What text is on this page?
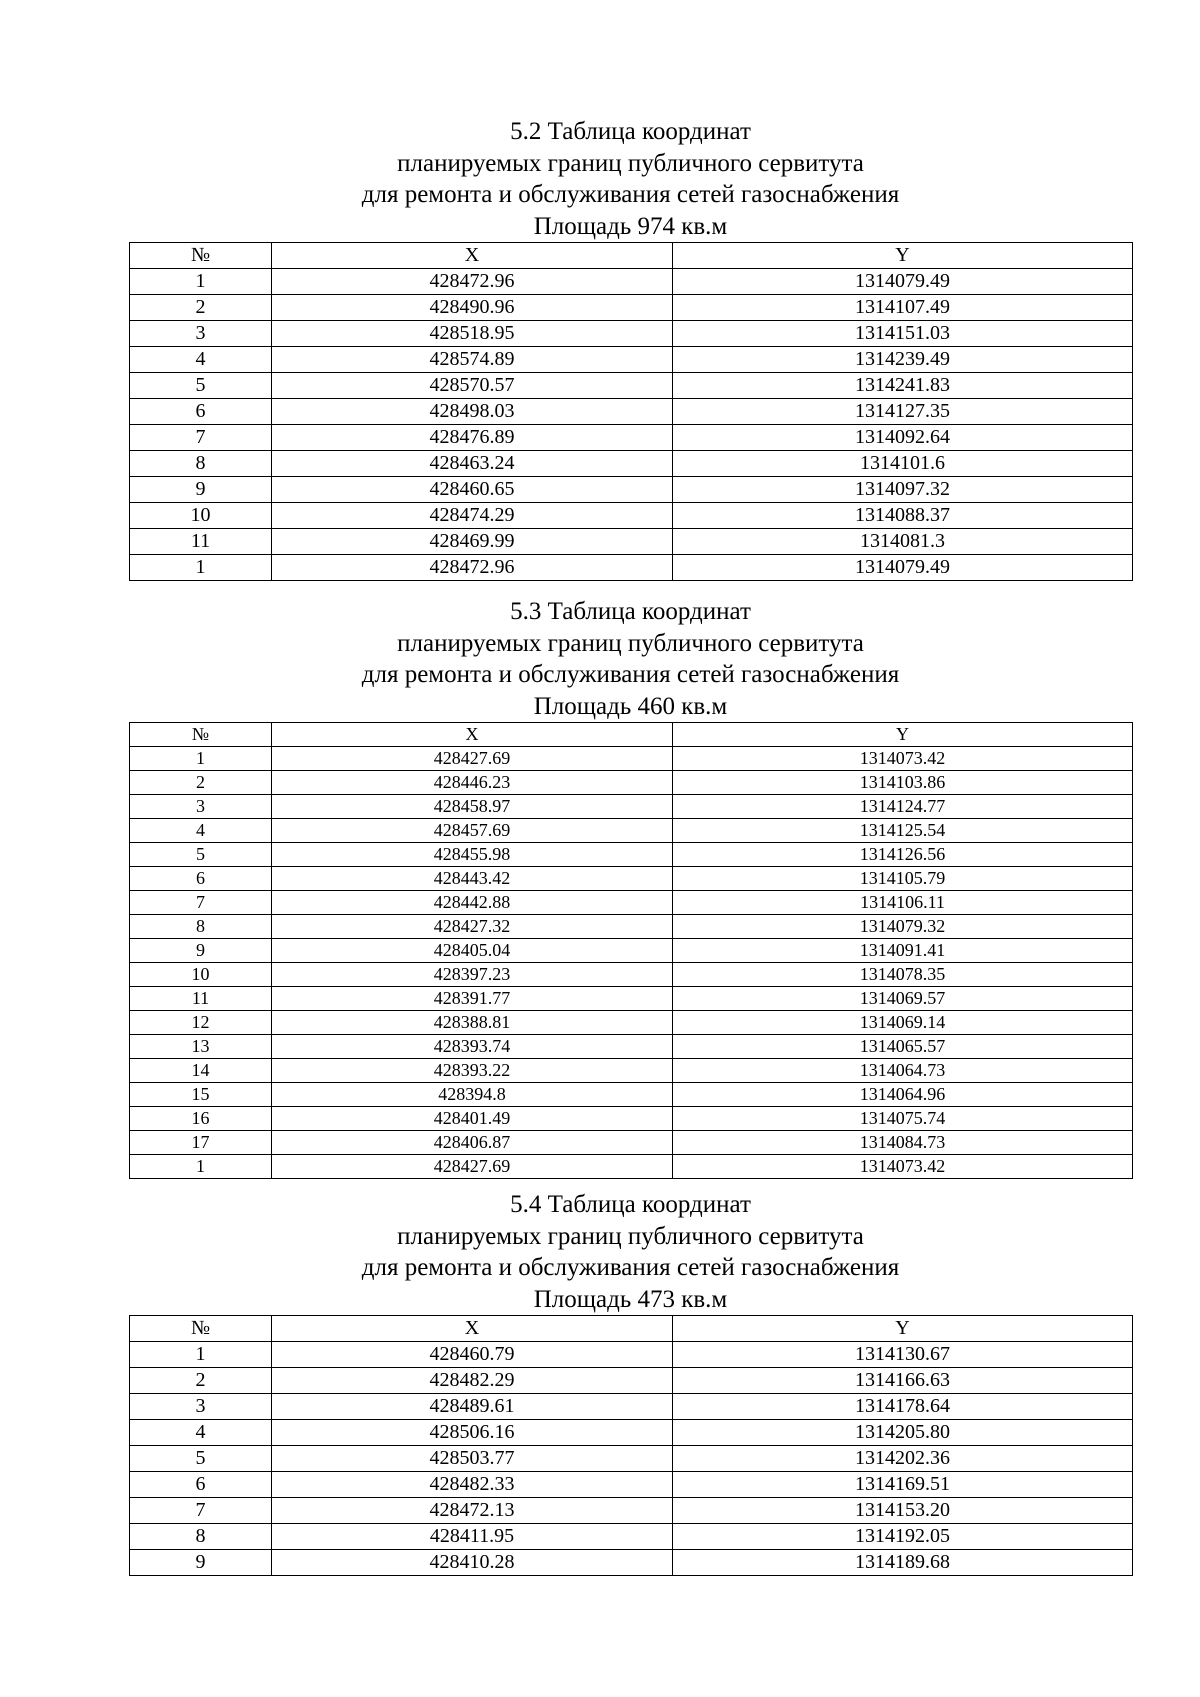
5.2 Таблица координат
планируемых границ публичного сервитута
для ремонта и обслуживания сетей газоснабжения
Площадь 974 кв.м
№	X	Y
1	428472.96	1314079.49
2	428490.96	1314107.49
3	428518.95	1314151.03
4	428574.89	1314239.49
5	428570.57	1314241.83
6	428498.03	1314127.35
7	428476.89	1314092.64
8	428463.24	1314101.6
9	428460.65	1314097.32
10	428474.29	1314088.37
11	428469.99	1314081.3
1	428472.96	1314079.49
5.3 Таблица координат
планируемых границ публичного сервитута
для ремонта и обслуживания сетей газоснабжения
Площадь 460 кв.м
№	X	Y
1	428427.69	1314073.42
2	428446.23	1314103.86
3	428458.97	1314124.77
4	428457.69	1314125.54
5	428455.98	1314126.56
6	428443.42	1314105.79
7	428442.88	1314106.11
8	428427.32	1314079.32
9	428405.04	1314091.41
10	428397.23	1314078.35
11	428391.77	1314069.57
12	428388.81	1314069.14
13	428393.74	1314065.57
14	428393.22	1314064.73
15	428394.8	1314064.96
16	428401.49	1314075.74
17	428406.87	1314084.73
1	428427.69	1314073.42
5.4 Таблица координат
планируемых границ публичного сервитута
для ремонта и обслуживания сетей газоснабжения
Площадь 473 кв.м
№	X	Y
1	428460.79	1314130.67
2	428482.29	1314166.63
3	428489.61	1314178.64
4	428506.16	1314205.80
5	428503.77	1314202.36
6	428482.33	1314169.51
7	428472.13	1314153.20
8	428411.95	1314192.05
9	428410.28	1314189.68
